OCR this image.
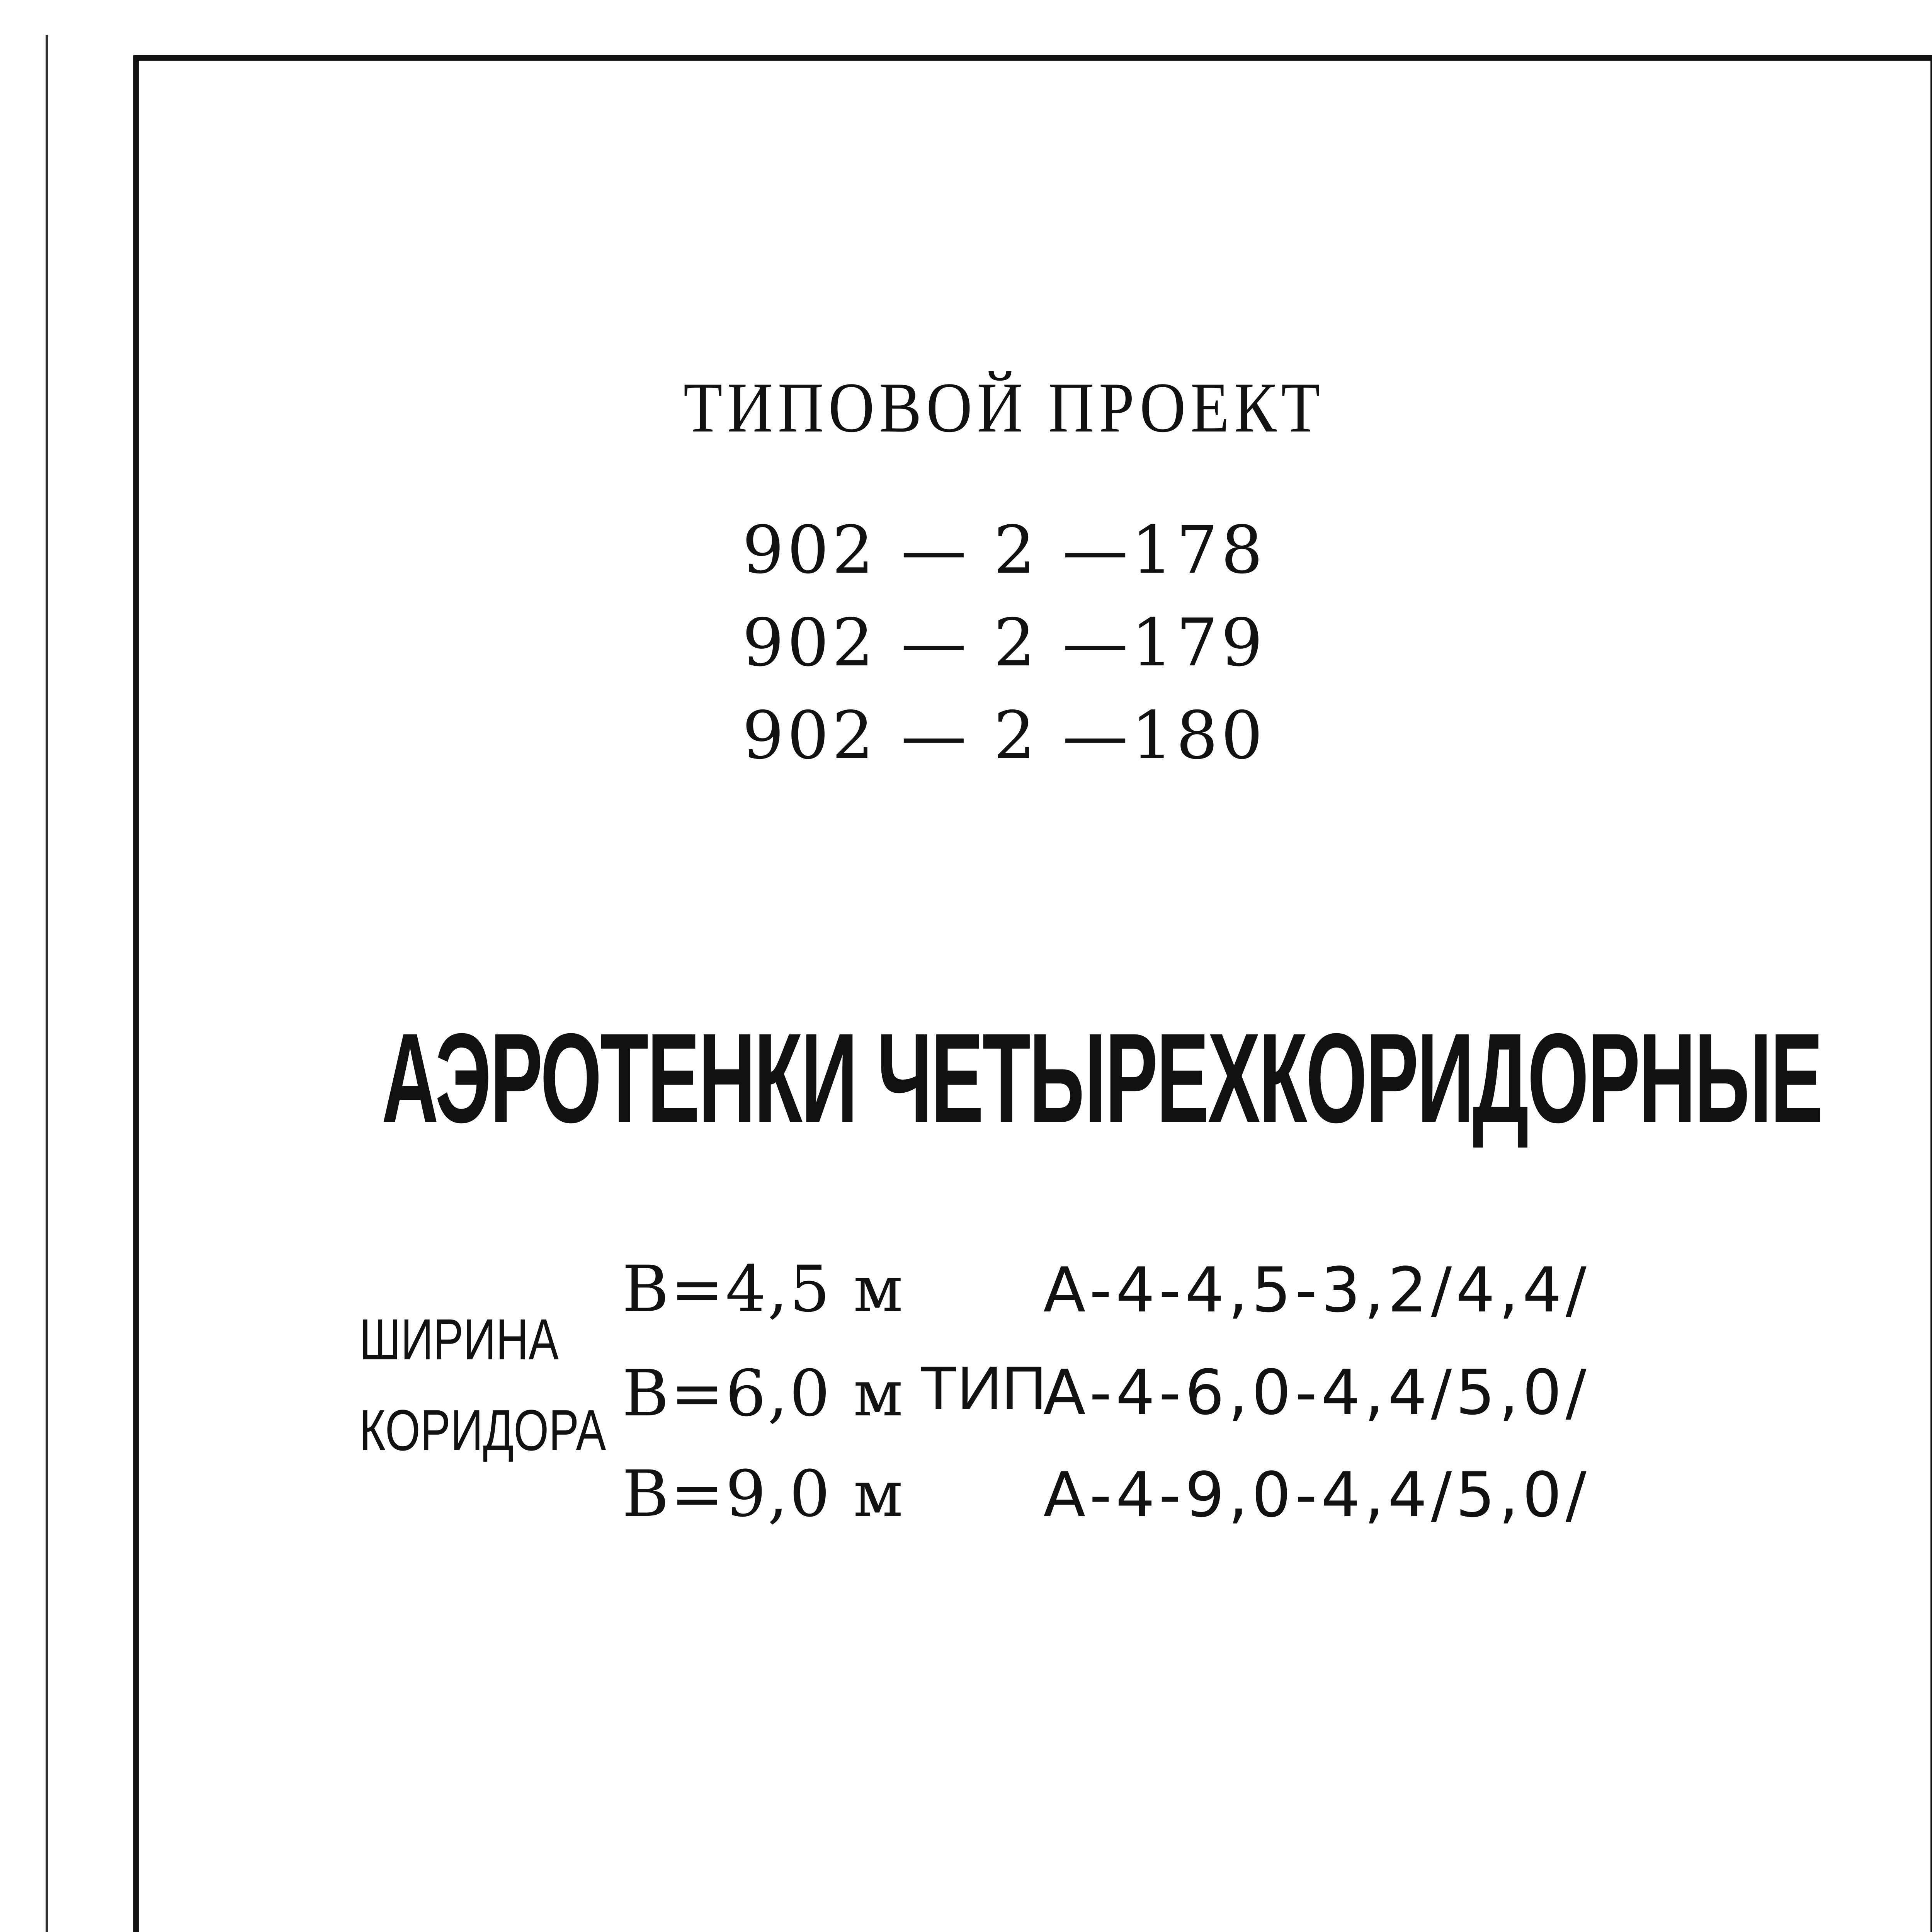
ТИПОВОЙ ПРОЕКТ
902 — 2 —178
902 — 2 —179
902 — 2 —180
АЭРОТЕНКИ ЧЕТЫРЕХКОРИДОРНЫЕ
ШИРИНА
КОРИДОРА
В=4,5 м
В=6,0 м
В=9,0 м
ТИП
А-4-4,5-3,2/4,4/
А-4-6,0-4,4/5,0/
А-4-9,0-4,4/5,0/
